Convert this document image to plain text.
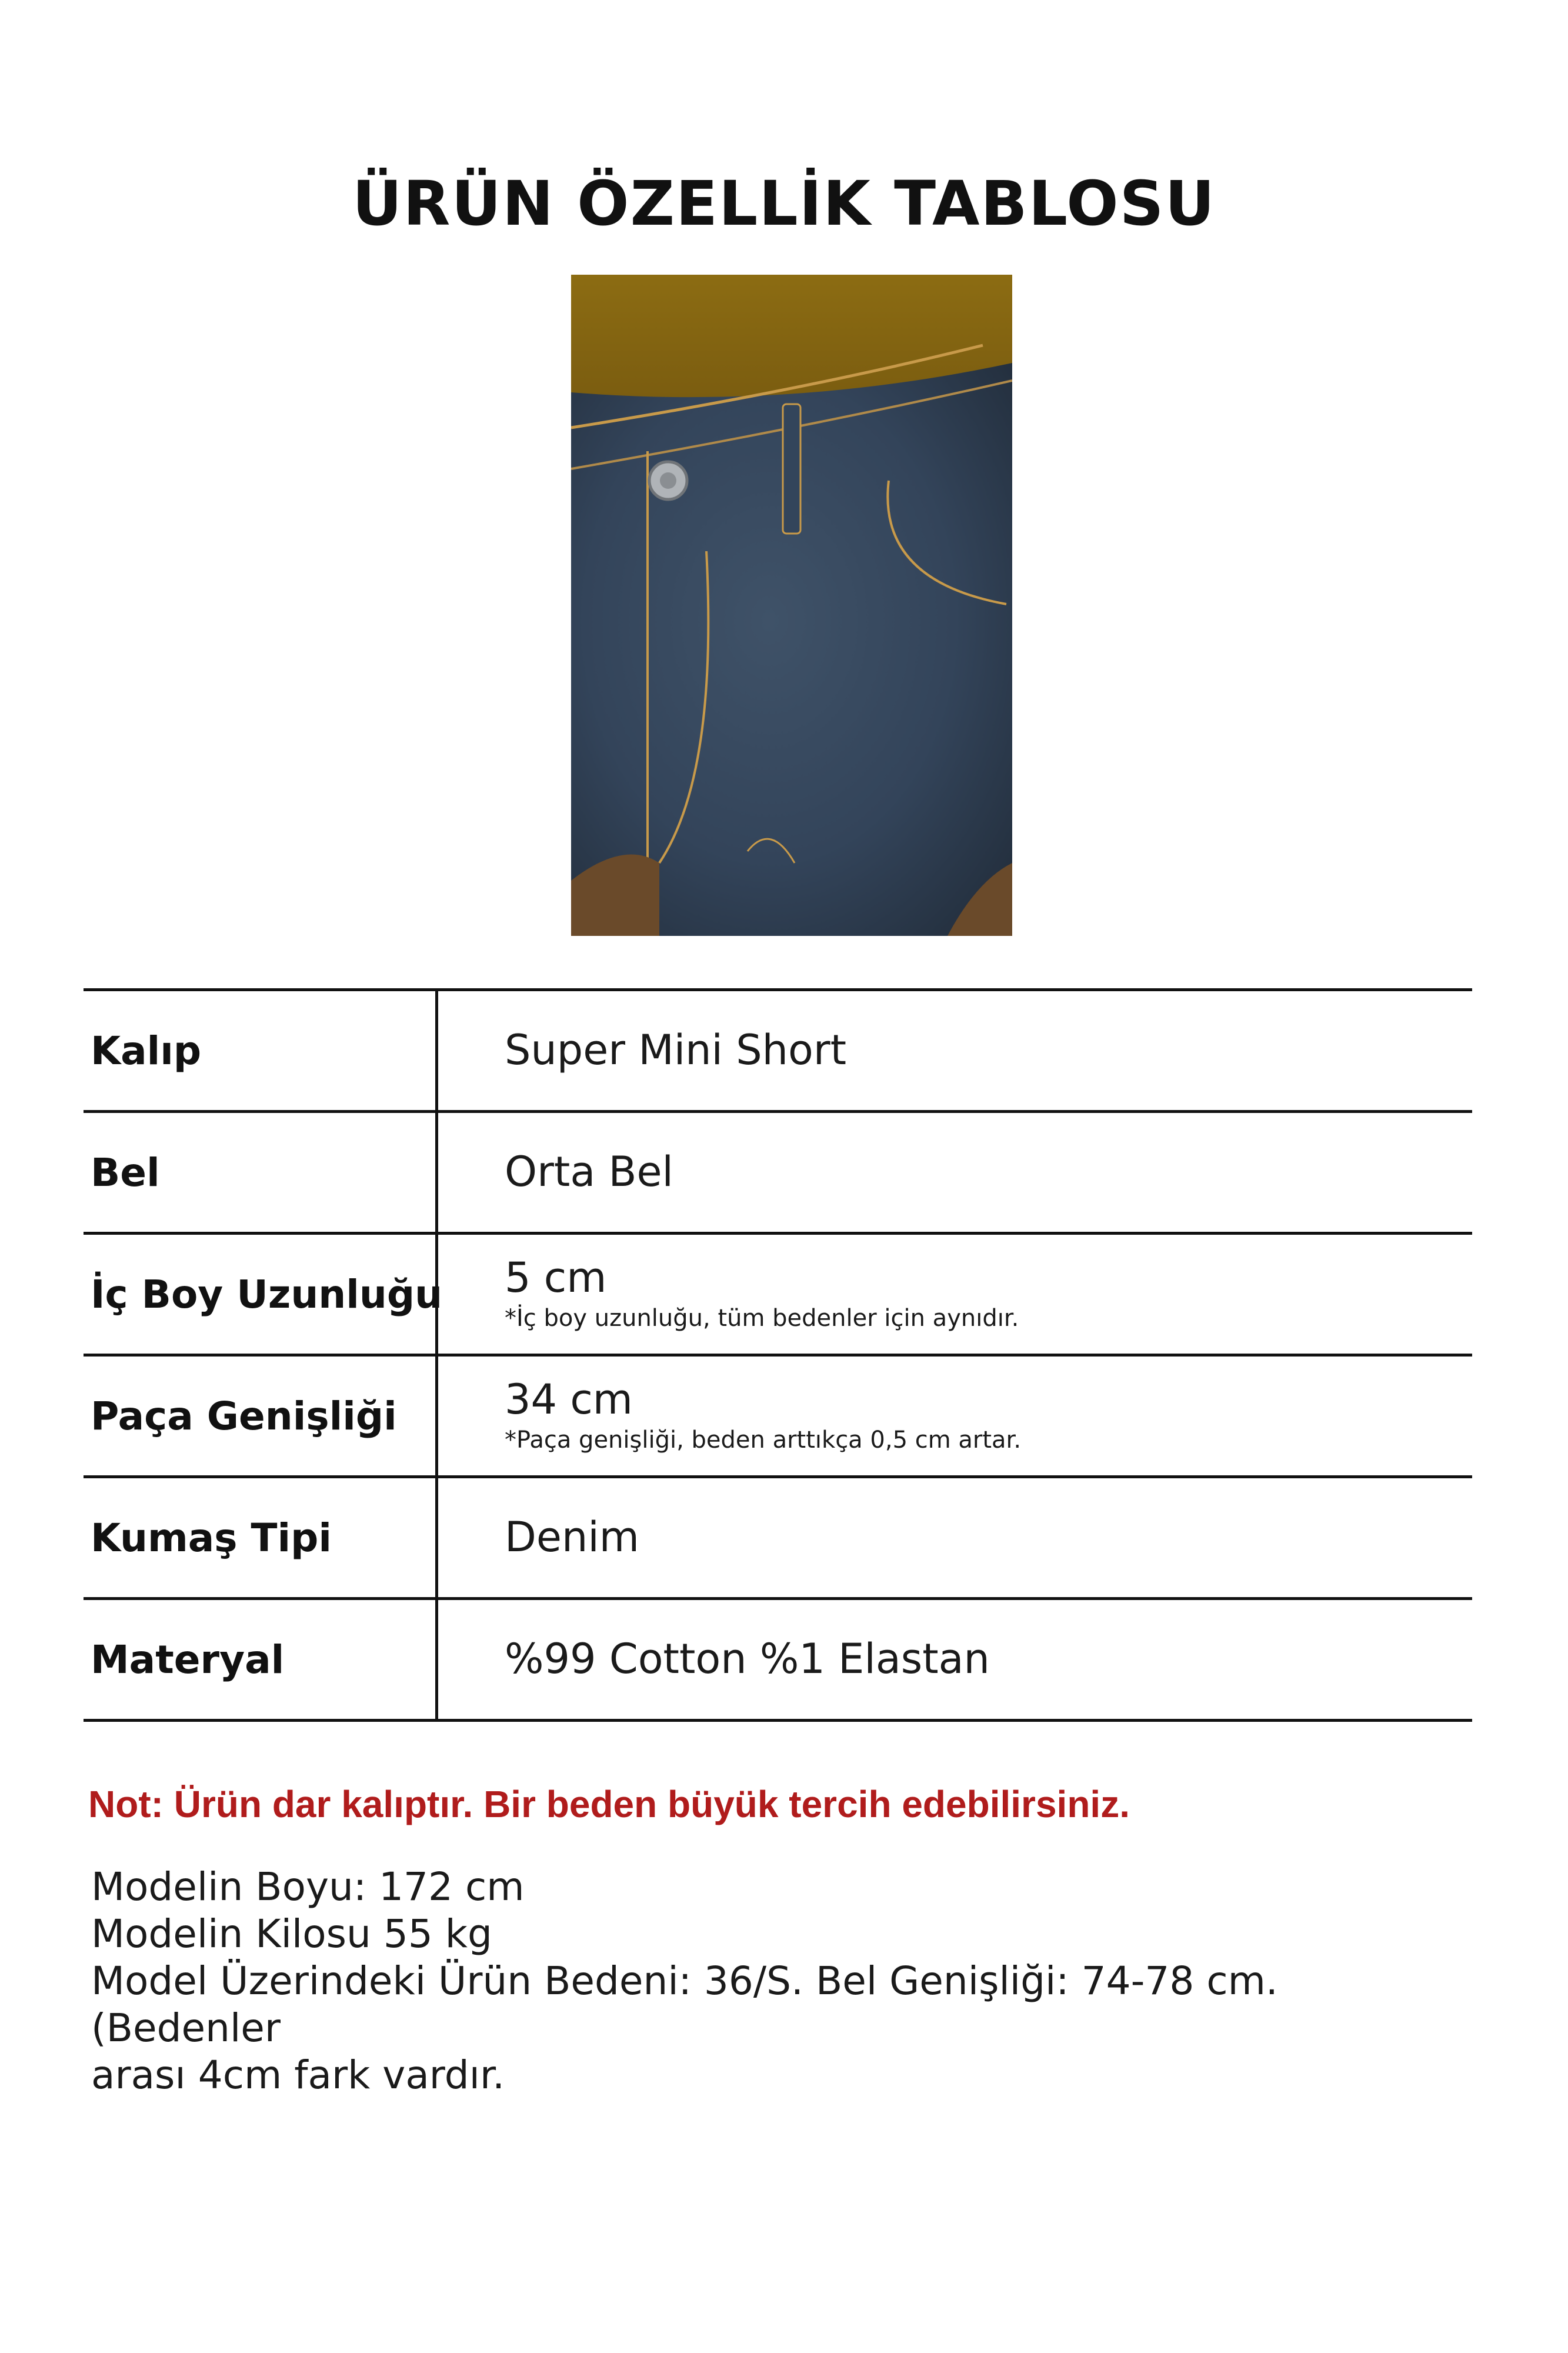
ÜRÜN ÖZELLİK TABLOSU
Kalıp	Super Mini Short
Bel	Orta Bel
İç Boy Uzunluğu 5 cm
*İç boy uzunluğu, tüm bedenler için aynıdır.
Paça Genişliği	34 cm
*Paça genişliği, beden arttıkça 0,5 cm artar.
Kumaş Tipi	Denim
Materyal	%99 Cotton %1 Elastan
Not: Ürün dar kalıptır. Bir beden büyük tercih edebilirsiniz.
Modelin Boyu: 172 cm
Modelin Kilosu 55 kg
Model Üzerindeki Ürün Bedeni: 36/S. Bel Genişliği: 74-78 cm. (Bedenler
arası 4cm fark vardır.
